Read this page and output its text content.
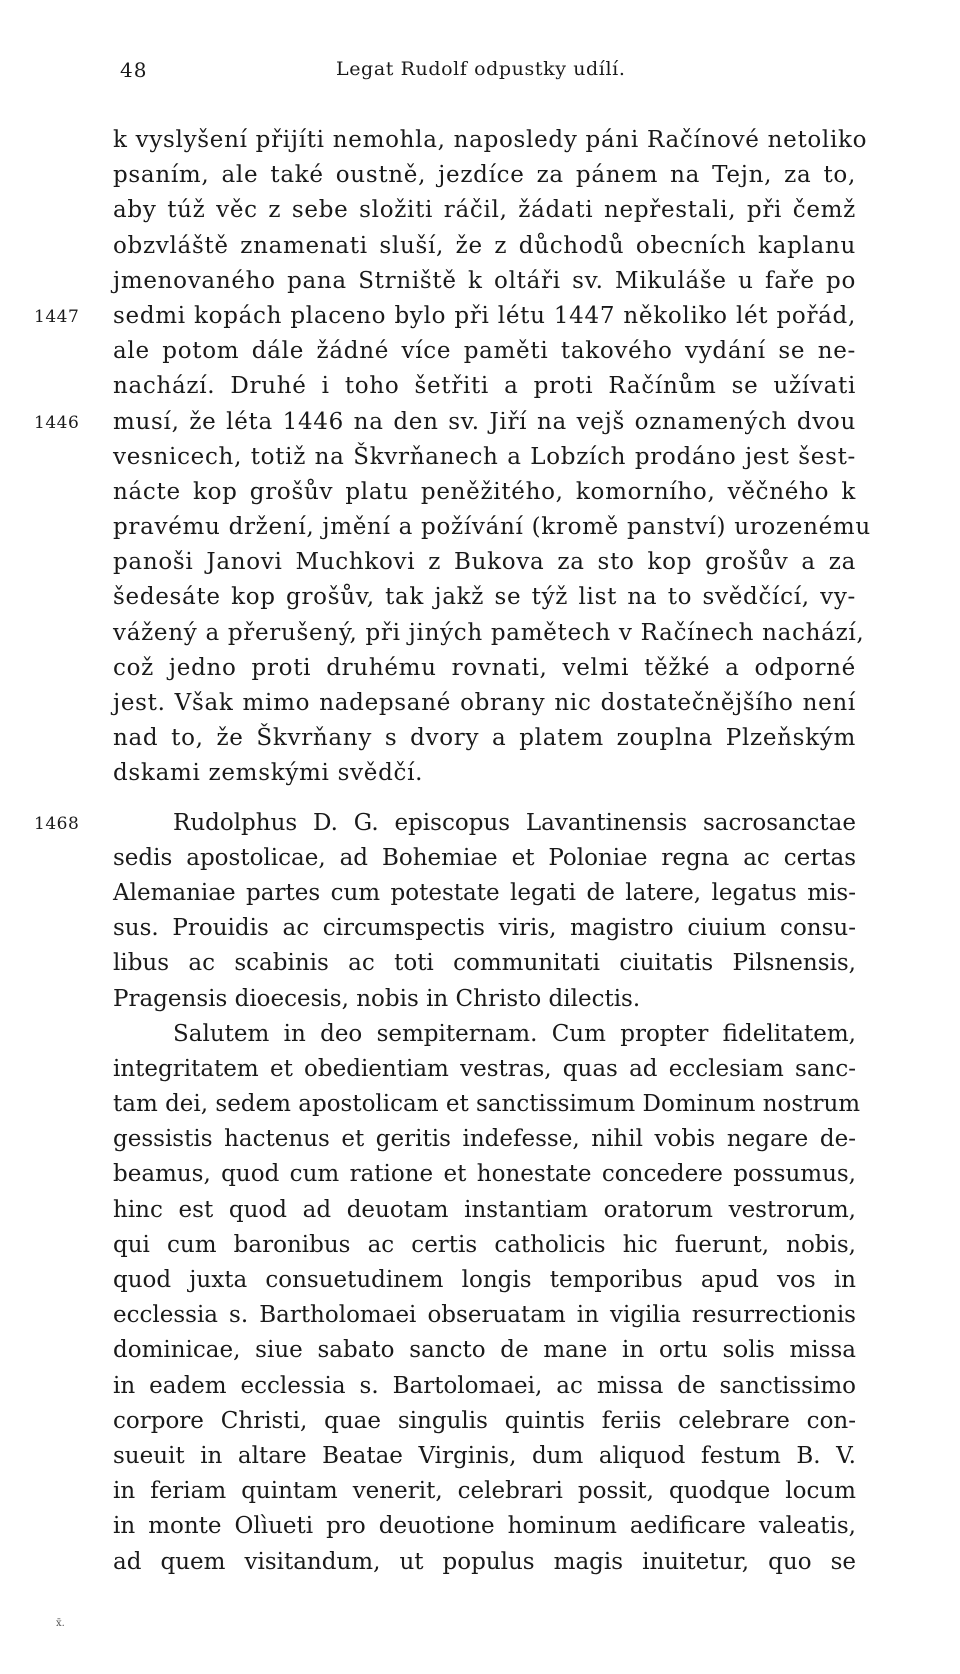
48	Legat Rudolf odpustky udílí.
k vyslyšení přijíti nemohla, naposledy páni Račínové netoliko
psaním, ale také oustně, jezdíce za pánem na Tejn, za to,
aby túž věc z sebe složiti ráčil, žádati nepřestali, při čemž
obzvláště znamenati sluší, že z důchodů obecních kaplanu
jmenovaného pana Strniště k oltáři sv. Mikuláše u faře po
1447 sedmi kopách placeno bylo při létu 1447 několiko lét pořád,
ale potom dále žádné více paměti takového vydání se ne-
nachází. Druhé i toho šetřiti a proti Račínům se užívati
1446 musí, že léta 1446 na den sv. Jiří na vejš oznamených dvou
vesnicech, totiž na Škvrňanech a Lobzích prodáno jest šest-
nácte kop grošův platu peněžitého, komorního, věčného k
pravému držení, jmění a požívání (kromě panství) urozenému
panoši Janovi Muchkovi z Bukova za sto kop grošův a za
šedesáte kop grošův, tak jakž se týž list na to svědčící, vy-
vážený a přerušený, při jiných pamětech v Račínech nachází,
což jedno proti druhému rovnati, velmi těžké a odporné
jest. Však mimo nadepsané obrany nic dostatečnějšího není
nad to, že Škvrňany s dvory a platem zouplna Plzeňským
dskami zemskými svědčí.
1468	Rudolphus D. G. episcopus Lavantinensis sacrosanctae
sedis apostolicae, ad Bohemiae et Poloniae regna ac certas
Alemaniae partes cum potestate legati de latere, legatus mis-
sus. Prouidis ac circumspectis viris, magistro ciuium consu-
libus ac scabinis ac toti communitati ciuitatis Pilsnensis,
Pragensis dioecesis, nobis in Christo dilectis.
Salutem in deo sempiternam. Cum propter fidelitatem,
integritatem et obedientiam vestras, quas ad ecclesiam sanc-
tam dei, sedem apostolicam et sanctissimum Dominum nostrum
gessistis hactenus et geritis indefesse, nihil vobis negare de-
beamus, quod cum ratione et honestate concedere possumus,
hinc est quod ad deuotam instantiam oratorum vestrorum,
qui cum baronibus ac certis catholicis hic fuerunt, nobis,
quod juxta consuetudinem longis temporibus apud vos in
ecclessia s. Bartholomaei obseruatam in vigilia resurrectionis
dominicae, siue sabato sancto de mane in ortu solis missa
in eadem ecclessia s. Bartolomaei, ac missa de sanctissimo
corpore Christi, quae singulis quintis feriis celebrare con-
sueuit in altare Beatae Virginis, dum aliquod festum B. V.
in feriam quintam venerit, celebrari possit, quodque locum
in monte Olìueti pro deuotione hominum aedificare valeatis,
ad quem visitandum, ut populus magis inuitetur, quo se
x̄.
